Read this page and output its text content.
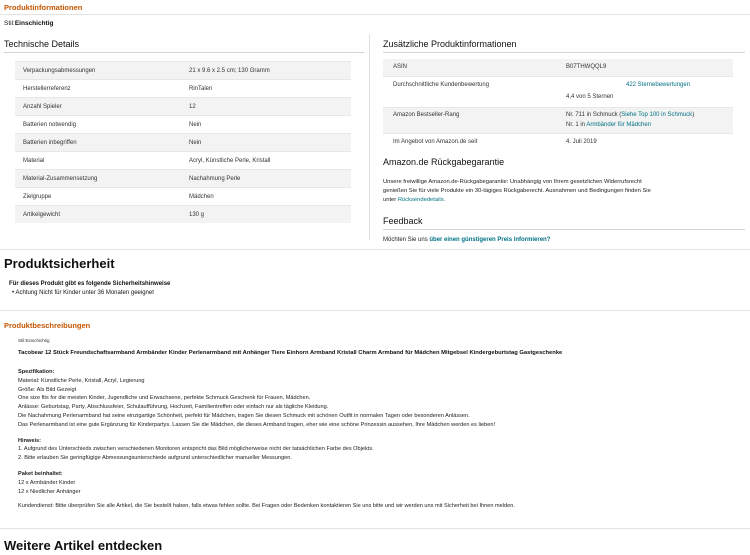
Produktinformationen
Stil:Einschichtig
Technische Details
Verpackungsabmessungen	21 x 9.6 x 2.5 cm; 130 Gramm
Herstellerreferenz	RinTalen
Anzahl Spieler	12
Batterien notwendig	Nein
Batterien inbegriffen	Nein
Material	Acryl, Künstliche Perle, Kristall
Material-Zusammensetzung	Nachahmung Perle
Zielgruppe	Mädchen
Artikelgewicht	130 g
Zusätzliche Produktinformationen
ASIN	B07THWQQL9
Durchschnittliche Kundenbewertung	422 Sternebewertungen
4,4 von 5 Sternen
Amazon Bestseller-Rang	Nr. 711 in Schmuck (Siehe Top 100 in Schmuck)
Nr. 1 in Armbänder für Mädchen
Im Angebot von Amazon.de seit	4. Juli 2019
Amazon.de Rückgabegarantie
Unsere freiwillige Amazon.de-Rückgabegarantie: Unabhängig von Ihrem gesetzlichen Widerrufsrecht
genießen Sie für viele Produkte ein 30-tägiges Rückgaberecht. Ausnahmen und Bedingungen finden Sie
unter Rücksendedetails.
Feedback
Möchten Sie uns über einen günstigeren Preis informieren?
Produktsicherheit
Für dieses Produkt gibt es folgende Sicherheitshinweise
• Achtung Nicht für Kinder unter 36 Monaten geeignet
Produktbeschreibungen
Stil:Einschichtig
Tacobear 12 Stück Freundschaftsarmband Armbänder Kinder Perlenarmband mit Anhänger Tiere Einhorn Armband Kristall Charm Armband für Mädchen Mitgebsel Kindergeburtstag Gastgeschenke
Spezifikation:
Material: Künstliche Perle, Kristall, Acryl, Legierung
Größe: Als Bild Gezeigt
One size fits for die meisten Kinder, Jugendliche und Erwachsene, perfekte Schmuck Geschenk für Frauen, Mädchen.
Anlässe: Geburtstag, Party, Abschlussfeier, Schulaufführung, Hochzeit, Familientreffen oder einfach nur als tägliche Kleidung.
Die Nachahmung Perlenarmband hat seine einzigartige Schönheit, perfekt für Mädchen, tragen Sie diesen Schmuck mit schönen Outfit in normalen Tagen oder besonderen Anlässen.
Das Perlenarmband ist eine gute Ergänzung für Kinderpartys. Lassen Sie die Mädchen, die dieses Armband tragen, eher wie eine schöne Prinzessin aussehen, Ihre Mädchen werden es lieben!
Hinweis:
1. Aufgrund des Unterschieds zwischen verschiedenen Monitoren entspricht das Bild möglicherweise nicht der tatsächlichen Farbe des Objekts.
2. Bitte erlauben Sie geringfügige Abmessungsunterschiede aufgrund unterschiedlicher manueller Messungen.
Paket beinhaltet:
12 x Armbänder Kinder
12 x Niedlicher Anhänger
Kundendienst: Bitte überprüfen Sie alle Artikel, die Sie bestellt haben, falls etwas fehlen sollte. Bei Fragen oder Bedenken kontaktieren Sie uns bitte und wir werden uns mit Sicherheit bei Ihnen melden.
Weitere Artikel entdecken
